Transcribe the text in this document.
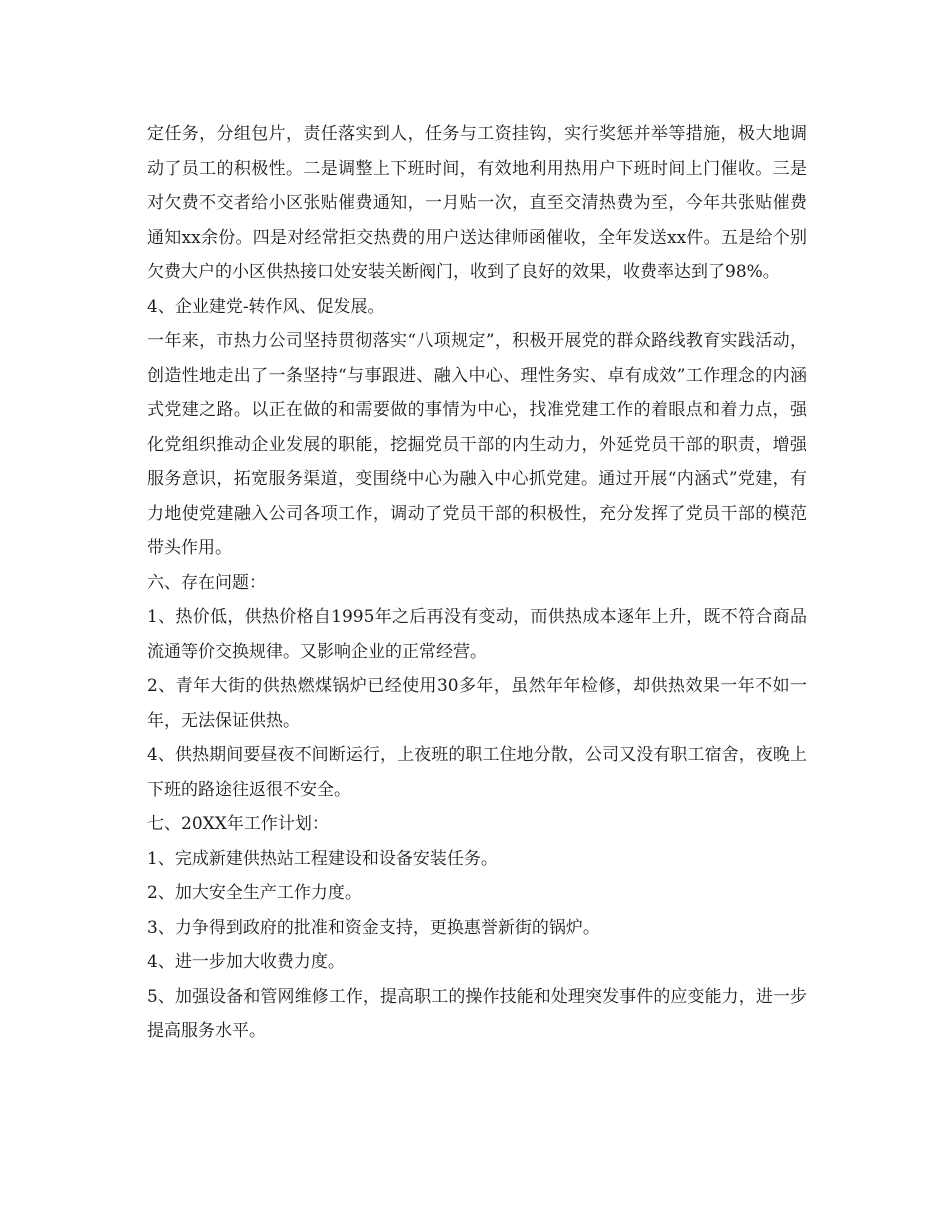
定任务，分组包片，责任落实到人，任务与工资挂钩，实行奖惩并举等措施，极大地调动了员工的积极性。二是调整上下班时间，有效地利用热用户下班时间上门催收。三是对欠费不交者给小区张贴催费通知，一月贴一次，直至交清热费为至，今年共张贴催费通知xx余份。四是对经常拒交热费的用户送达律师函催收，全年发送xx件。五是给个别欠费大户的小区供热接口处安装关断阀门，收到了良好的效果，收费率达到了98%。

4、企业建党-转作风、促发展。

一年来，市热力公司坚持贯彻落实“八项规定”，积极开展党的群众路线教育实践活动，创造性地走出了一条坚持“与事跟进、融入中心、理性务实、卓有成效”工作理念的内涵式党建之路。以正在做的和需要做的事情为中心，找准党建工作的着眼点和着力点，强化党组织推动企业发展的职能，挖掘党员干部的内生动力，外延党员干部的职责，增强服务意识，拓宽服务渠道，变围绕中心为融入中心抓党建。通过开展“内涵式”党建，有力地使党建融入公司各项工作，调动了党员干部的积极性，充分发挥了党员干部的模范带头作用。

六、存在问题：

1、热价低，供热价格自1995年之后再没有变动，而供热成本逐年上升，既不符合商品流通等价交换规律。又影响企业的正常经营。

2、青年大街的供热燃煤锅炉已经使用30多年，虽然年年检修，却供热效果一年不如一年，无法保证供热。

4、供热期间要昼夜不间断运行，上夜班的职工住地分散，公司又没有职工宿舍，夜晚上下班的路途往返很不安全。

七、20XX年工作计划：

1、完成新建供热站工程建设和设备安装任务。

2、加大安全生产工作力度。

3、力争得到政府的批准和资金支持，更换惠誉新街的锅炉。

4、进一步加大收费力度。

5、加强设备和管网维修工作，提高职工的操作技能和处理突发事件的应变能力，进一步提高服务水平。
